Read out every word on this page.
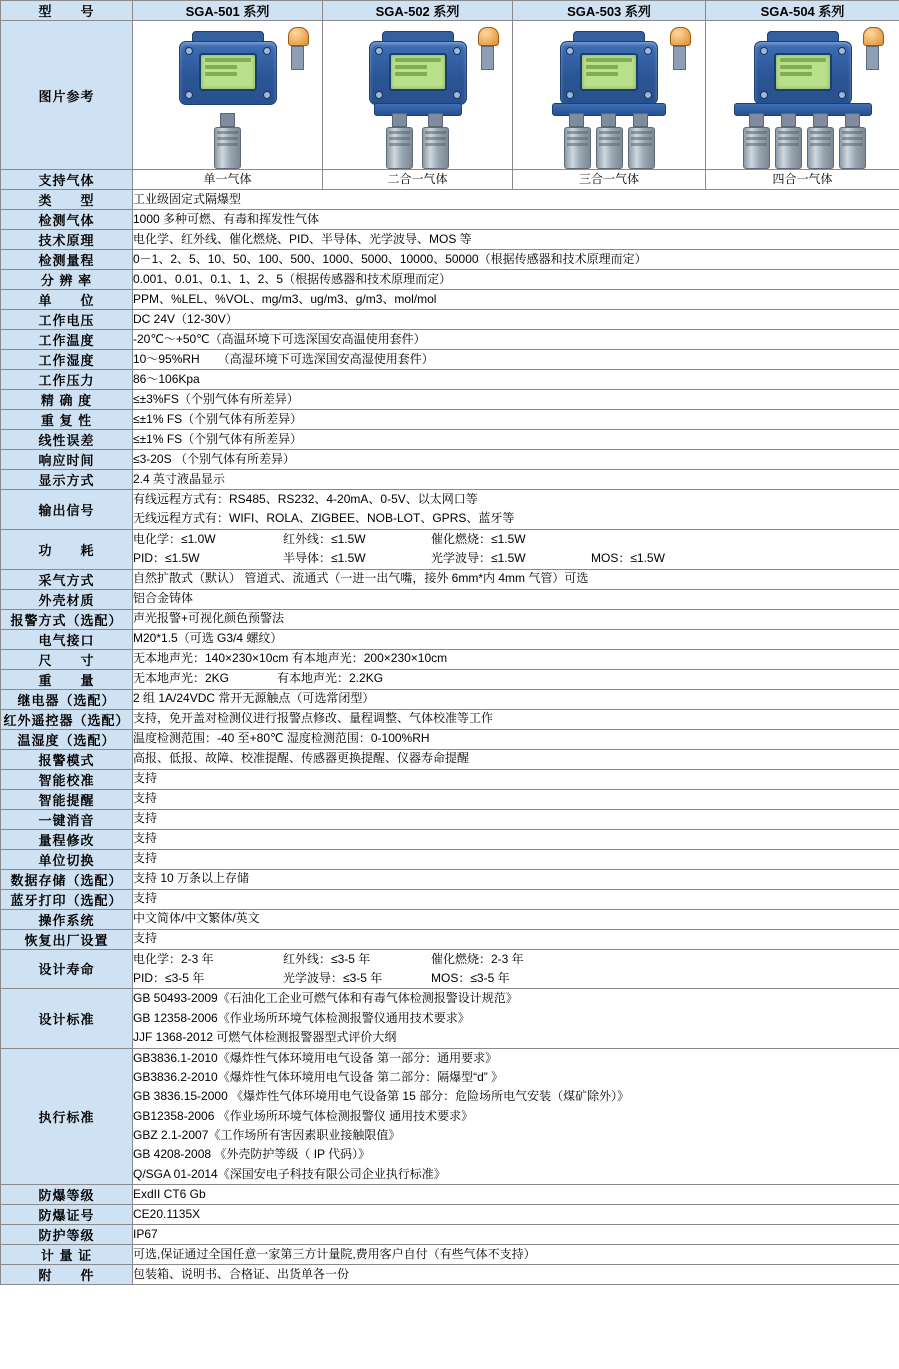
型　　号	SGA-501 系列	SGA-502 系列	SGA-503 系列	SGA-504 系列
图片参考	

支持气体	单一气体	二合一气体	三合一气体	四合一气体
类　　型	工业级固定式隔爆型			
检测气体	1000 多种可燃、有毒和挥发性气体			
技术原理	电化学、红外线、催化燃烧、PID、半导体、光学波导、MOS 等			
检测量程	0－1、2、5、10、50、100、500、1000、5000、10000、50000（根据传感器和技术原理而定）			
分 辨 率	0.001、0.01、0.1、1、2、5（根据传感器和技术原理而定）			
单　　位	PPM、%LEL、%VOL、mg/m3、ug/m3、g/m3、mol/mol			
工作电压	DC 24V（12-30V）			
工作温度	-20℃～+50℃（高温环境下可选深国安高温使用套件）			
工作湿度	10～95%RH　　（高湿环境下可选深国安高湿使用套件）			
工作压力	86～106Kpa			
精 确 度	≤±3%FS（个别气体有所差异）			
重 复 性	≤±1% FS（个别气体有所差异）			
线性误差	≤±1% FS（个别气体有所差异）			
响应时间	≤3-20S （个别气体有所差异）			
显示方式	2.4 英寸液晶显示			
输出信号	有线远程方式有：RS485、RS232、4-20mA、0-5V、以太网口等
无线远程方式有：WIFI、ROLA、ZIGBEE、NOB-LOT、GPRS、蓝牙等			

功　　耗	电化学：≤1.0W 红外线：≤1.5W 催化燃烧：≤1.5W
PID：≤1.5W 半导体：≤1.5W 光学波导：≤1.5W MOS：≤1.5W			

采气方式	自然扩散式（默认） 管道式、流通式（一进一出气嘴，接外 6mm*内 4mm 气管）可选			
外壳材质	铝合金铸体			
报警方式（选配）	声光报警+可视化颜色预警法			
电气接口	M20*1.5（可选 G3/4 螺纹）			
尺　　寸	无本地声光：140×230×10cm 有本地声光：200×230×10cm			
重　　量	无本地声光：2KG　　　　有本地声光：2.2KG			
继电器（选配）	2 组 1A/24VDC 常开无源触点（可选常闭型）			
红外遥控器（选配）	支持，免开盖对检测仪进行报警点修改、量程调整、气体校准等工作			
温湿度（选配）	温度检测范围：-40 至+80℃ 湿度检测范围：0-100%RH			
报警模式	高报、低报、故障、校准提醒、传感器更换提醒、仪器寿命提醒			
智能校准	支持			
智能提醒	支持			
一键消音	支持			
量程修改	支持			
单位切换	支持			
数据存储（选配）	支持 10 万条以上存储			
蓝牙打印（选配）	支持			
操作系统	中文简体/中文繁体/英文			
恢复出厂设置	支持			
设计寿命	电化学：2-3 年 红外线：≤3-5 年 催化燃烧：2-3 年
PID：≤3-5 年 光学波导：≤3-5 年 MOS：≤3-5 年			

设计标准	GB 50493-2009《石油化工企业可燃气体和有毒气体检测报警设计规范》
GB 12358-2006《作业场所环境气体检测报警仪通用技术要求》
JJF 1368-2012 可燃气体检测报警器型式评价大纲			

执行标准	
GB3836.1-2010《爆炸性气体环境用电气设备 第一部分：通用要求》
GB3836.2-2010《爆炸性气体环境用电气设备 第二部分：隔爆型“d” 》
GB 3836.15-2000 《爆炸性气体环境用电气设备第 15 部分：危险场所电气安装（煤矿除外）》
GB12358-2006 《作业场所环境气体检测报警仪 通用技术要求》
GBZ 2.1-2007《工作场所有害因素职业接触限值》
GB 4208-2008 《外壳防护等级（ IP 代码）》
Q/SGA 01-2014《深国安电子科技有限公司企业执行标准》

防爆等级	ExdII CT6 Gb			
防爆证号	CE20.1135X			
防护等级	IP67			
计 量 证	可选,保证通过全国任意一家第三方计量院,费用客户自付（有些气体不支持）			
附　　件	包装箱、说明书、合格证、出货单各一份			
